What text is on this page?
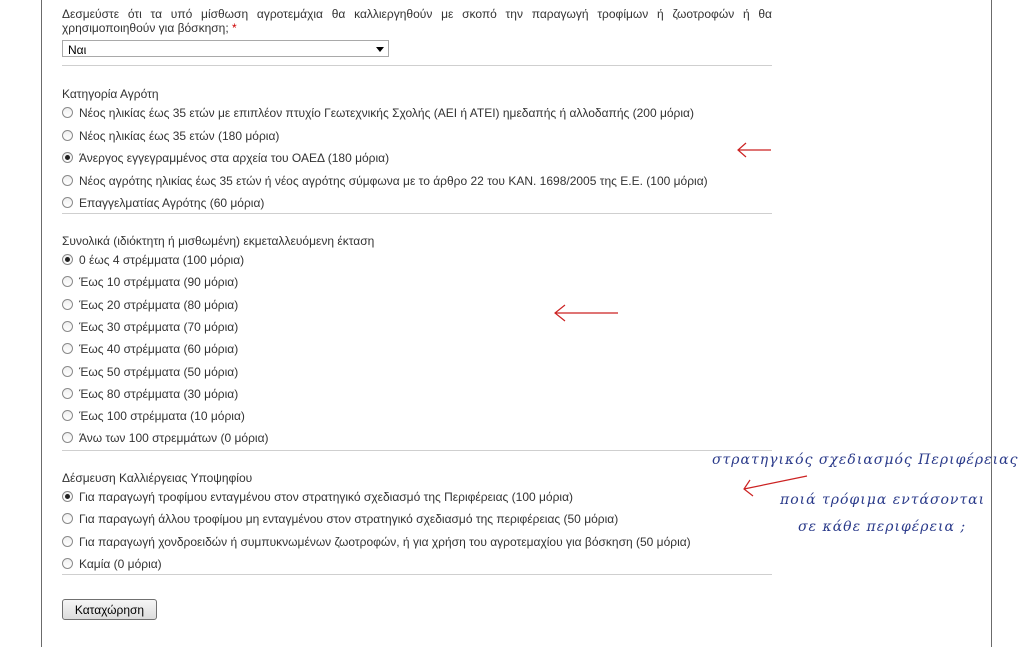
Δεσμεύστε ότι τα υπό μίσθωση αγροτεμάχια θα καλλιεργηθούν με σκοπό την παραγωγή τροφίμων ή ζωοτροφών ή θα χρησιμοποιηθούν για βόσκηση; *
Ναι
Κατηγορία Αγρότη
Νέος ηλικίας έως 35 ετών με επιπλέον πτυχίο Γεωτεχνικής Σχολής (ΑΕΙ ή ΑΤΕΙ) ημεδαπής ή αλλοδαπής (200 μόρια)
Νέος ηλικίας έως 35 ετών (180 μόρια)
Άνεργος εγγεγραμμένος στα αρχεία του ΟΑΕΔ (180 μόρια)
Νέος αγρότης ηλικίας έως 35 ετών ή νέος αγρότης σύμφωνα με το άρθρο 22 του ΚΑΝ. 1698/2005 της Ε.Ε. (100 μόρια)
Επαγγελματίας Αγρότης (60 μόρια)
Συνολικά (ιδιόκτητη ή μισθωμένη) εκμεταλλευόμενη έκταση
0 έως 4 στρέμματα (100 μόρια)
Έως 10 στρέμματα (90 μόρια)
Έως 20 στρέμματα (80 μόρια)
Έως 30 στρέμματα (70 μόρια)
Έως 40 στρέμματα (60 μόρια)
Έως 50 στρέμματα (50 μόρια)
Έως 80 στρέμματα (30 μόρια)
Έως 100 στρέμματα (10 μόρια)
Άνω των 100 στρεμμάτων (0 μόρια)
Δέσμευση Καλλιέργειας Υποψηφίου
Για παραγωγή τροφίμου ενταγμένου στον στρατηγικό σχεδιασμό της Περιφέρειας (100 μόρια)
Για παραγωγή άλλου τροφίμου μη ενταγμένου στον στρατηγικό σχεδιασμό της περιφέρειας (50 μόρια)
Για παραγωγή χονδροειδών ή συμπυκνωμένων ζωοτροφών, ή για χρήση του αγροτεμαχίου για βόσκηση (50 μόρια)
Καμία (0 μόρια)
Καταχώρηση
στρατηγικός σχεδιασμός Περιφέρειας
ποιά τρόφιμα εντάσονται
σε κάθε περιφέρεια ;
